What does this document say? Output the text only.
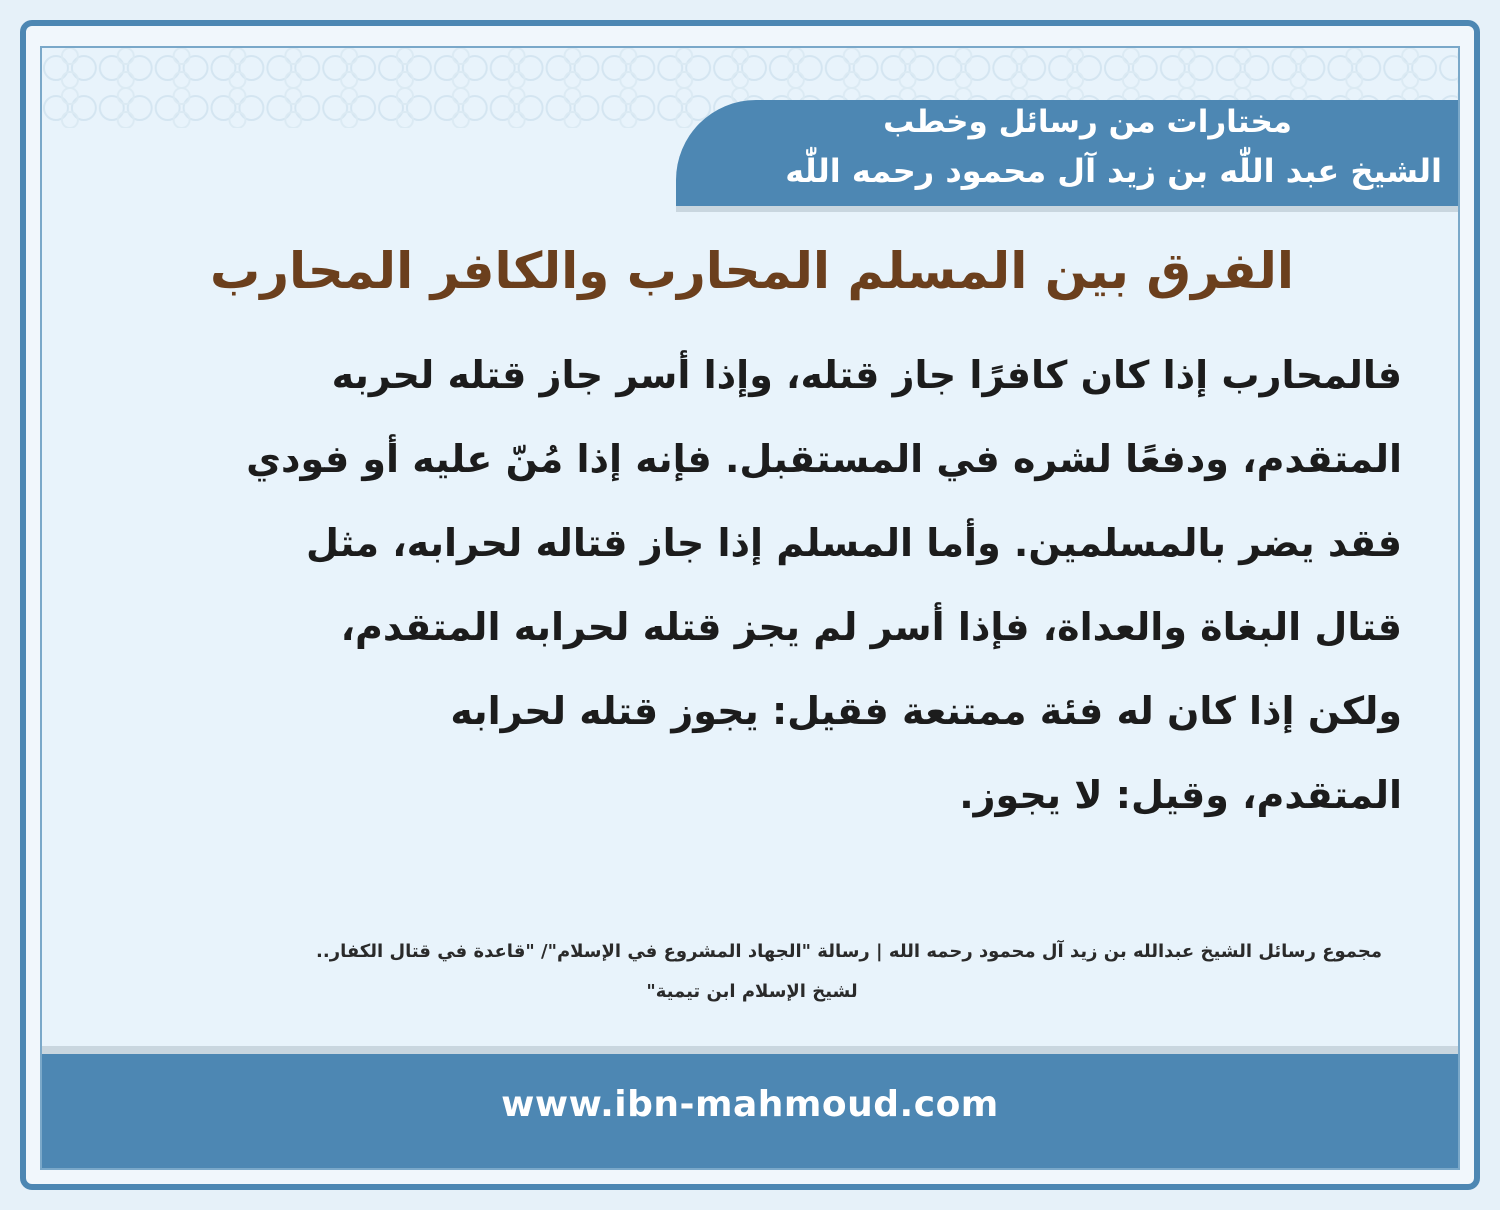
مختارات من رسائل وخطب
الشيخ عبد اللّٰه بن زيد آل محمود رحمه اللّٰه
الفرق بين المسلم المحارب والكافر المحارب
فالمحارب إذا كان كافرًا جاز قتله، وإذا أسر جاز قتله لحربه
المتقدم، ودفعًا لشره في المستقبل. فإنه إذا مُنّ عليه أو فودي
فقد يضر بالمسلمين. وأما المسلم إذا جاز قتاله لحرابه، مثل
قتال البغاة والعداة، فإذا أسر لم يجز قتله لحرابه المتقدم،
ولكن إذا كان له فئة ممتنعة فقيل: يجوز قتله لحرابه
المتقدم، وقيل: لا يجوز.
مجموع رسائل الشيخ عبدالله بن زيد آل محمود رحمه الله | رسالة "الجهاد المشروع في الإسلام"/ "قاعدة في قتال الكفار..
لشيخ الإسلام ابن تيمية"
www.ibn-mahmoud.com
